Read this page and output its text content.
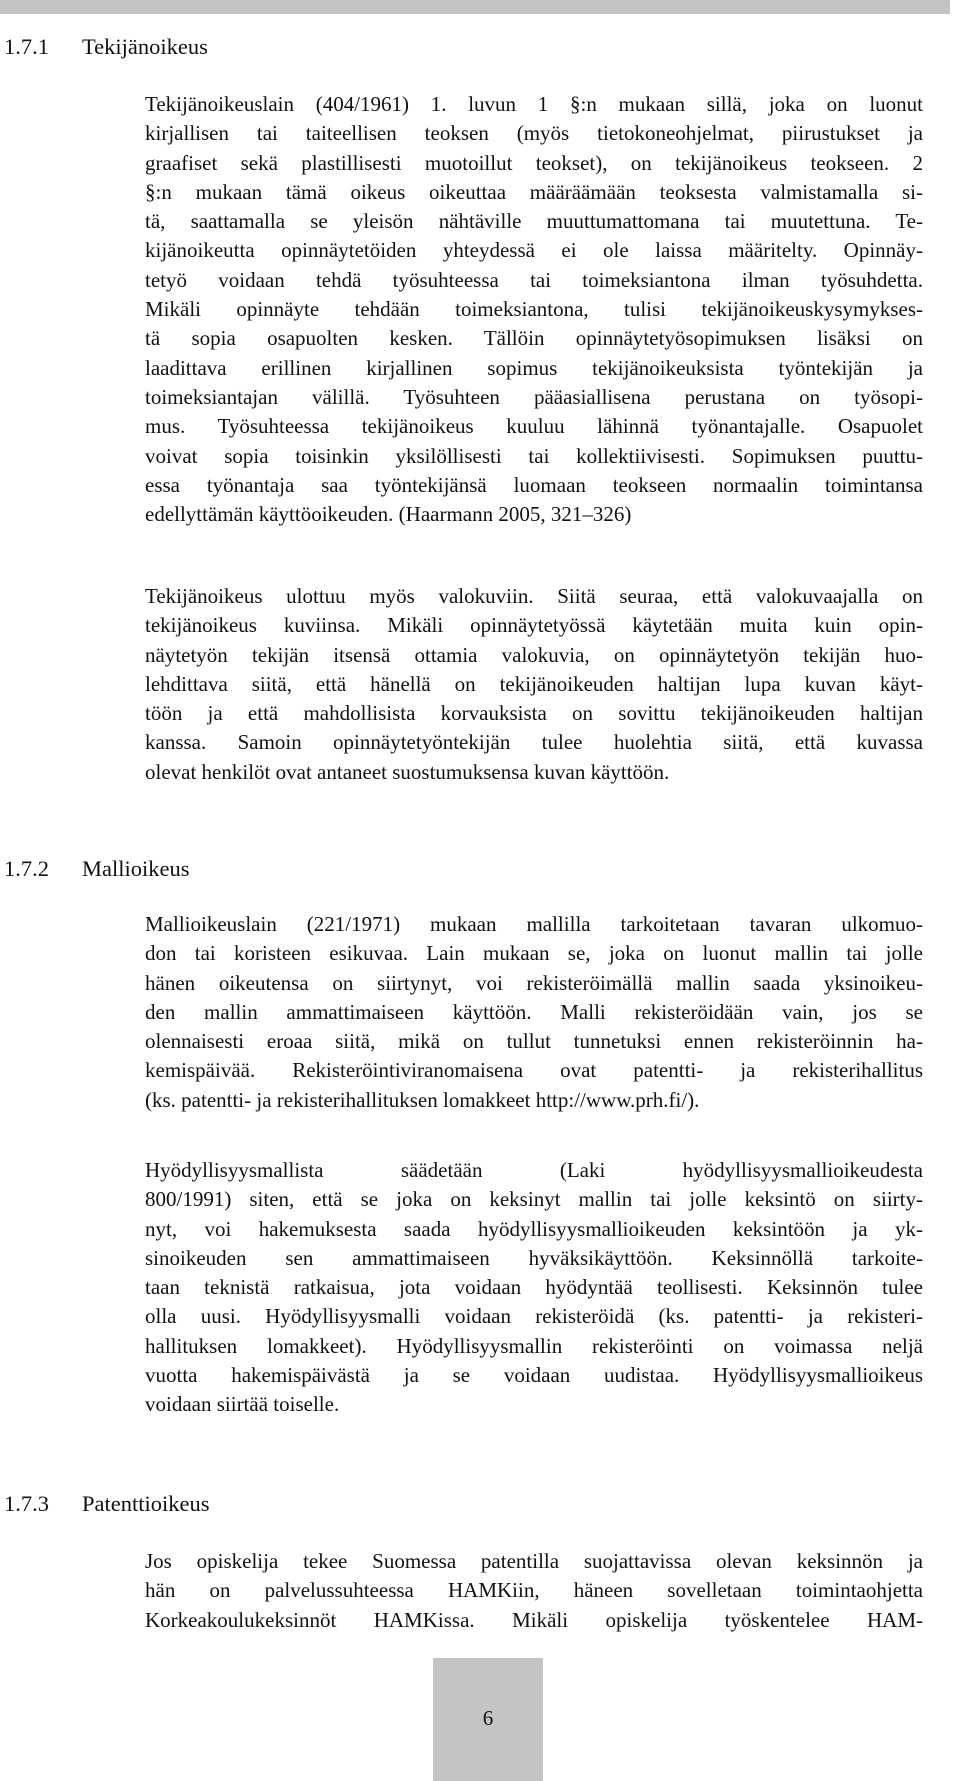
1.7.1 Tekijänoikeus
Tekijänoikeuslain (404/1961) 1. luvun 1 §:n mukaan sillä, joka on luonut
kirjallisen tai taiteellisen teoksen (myös tietokoneohjelmat, piirustukset ja
graafiset sekä plastillisesti muotoillut teokset), on tekijänoikeus teokseen. 2
§:n mukaan tämä oikeus oikeuttaa määräämään teoksesta valmistamalla si-
tä, saattamalla se yleisön nähtäville muuttumattomana tai muutettuna. Te-
kijänoikeutta opinnäytetöiden yhteydessä ei ole laissa määritelty. Opinnäy-
tetyö voidaan tehdä työsuhteessa tai toimeksiantona ilman työsuhdetta.
Mikäli opinnäyte tehdään toimeksiantona, tulisi tekijänoikeuskysymykses-
tä sopia osapuolten kesken. Tällöin opinnäytetyösopimuksen lisäksi on
laadittava erillinen kirjallinen sopimus tekijänoikeuksista työntekijän ja
toimeksiantajan välillä. Työsuhteen pääasiallisena perustana on työsopi-
mus. Työsuhteessa tekijänoikeus kuuluu lähinnä työnantajalle. Osapuolet
voivat sopia toisinkin yksilöllisesti tai kollektiivisesti. Sopimuksen puuttu-
essa työnantaja saa työntekijänsä luomaan teokseen normaalin toimintansa
edellyttämän käyttöoikeuden. (Haarmann 2005, 321–326)
Tekijänoikeus ulottuu myös valokuviin. Siitä seuraa, että valokuvaajalla on
tekijänoikeus kuviinsa. Mikäli opinnäytetyössä käytetään muita kuin opin-
näytetyön tekijän itsensä ottamia valokuvia, on opinnäytetyön tekijän huo-
lehdittava siitä, että hänellä on tekijänoikeuden haltijan lupa kuvan käyt-
töön ja että mahdollisista korvauksista on sovittu tekijänoikeuden haltijan
kanssa. Samoin opinnäytetyöntekijän tulee huolehtia siitä, että kuvassa
olevat henkilöt ovat antaneet suostumuksensa kuvan käyttöön.
1.7.2 Mallioikeus
Mallioikeuslain (221/1971) mukaan mallilla tarkoitetaan tavaran ulkomuo-
don tai koristeen esikuvaa. Lain mukaan se, joka on luonut mallin tai jolle
hänen oikeutensa on siirtynyt, voi rekisteröimällä mallin saada yksinoikeu-
den mallin ammattimaiseen käyttöön. Malli rekisteröidään vain, jos se
olennaisesti eroaa siitä, mikä on tullut tunnetuksi ennen rekisteröinnin ha-
kemispäivää. Rekisteröintiviranomaisena ovat patentti- ja rekisterihallitus
(ks. patentti- ja rekisterihallituksen lomakkeet http://www.prh.fi/).
Hyödyllisyysmallista säädetään (Laki hyödyllisyysmallioikeudesta
800/1991) siten, että se joka on keksinyt mallin tai jolle keksintö on siirty-
nyt, voi hakemuksesta saada hyödyllisyysmallioikeuden keksintöön ja yk-
sinoikeuden sen ammattimaiseen hyväksikäyttöön. Keksinnöllä tarkoite-
taan teknistä ratkaisua, jota voidaan hyödyntää teollisesti. Keksinnön tulee
olla uusi. Hyödyllisyysmalli voidaan rekisteröidä (ks. patentti- ja rekisteri-
hallituksen lomakkeet). Hyödyllisyysmallin rekisteröinti on voimassa neljä
vuotta hakemispäivästä ja se voidaan uudistaa. Hyödyllisyysmallioikeus
voidaan siirtää toiselle.
1.7.3 Patenttioikeus
Jos opiskelija tekee Suomessa patentilla suojattavissa olevan keksinnön ja
hän on palvelussuhteessa HAMKiin, häneen sovelletaan toimintaohjetta
Korkeakoulukeksinnöt HAMKissa. Mikäli opiskelija työskentelee HAM-
6
